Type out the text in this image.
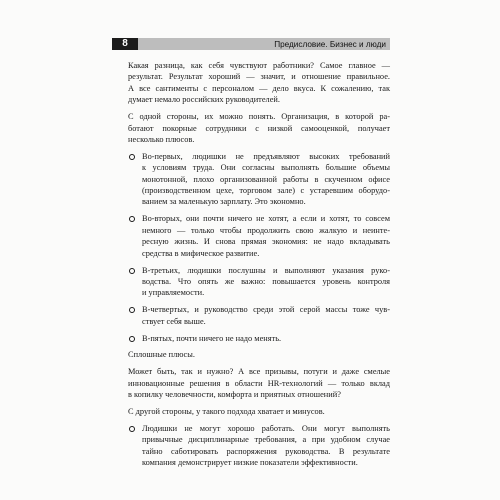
8	Предисловие. Бизнес и люди

Какая разница, как себя чувствуют работники? Самое главное —
результат. Результат хороший — значит, и отношение правильное.
А все сантименты с персоналом — дело вкуса. К сожалению, так
думает немало российских руководителей.

С одной стороны, их можно понять. Организация, в которой ра-
ботают покорные сотрудники с низкой самооценкой, получает
несколько плюсов.

Во-первых, людишки не предъявляют высоких требований
к условиям труда. Они согласны выполнять большие объемы
монотонной, плохо организованной работы в скученном офисе
(производственном цехе, торговом зале) с устаревшим оборудо-
ванием за маленькую зарплату. Это экономно.
Во-вторых, они почти ничего не хотят, а если и хотят, то совсем
немного — только чтобы продолжить свою жалкую и неинте-
ресную жизнь. И снова прямая экономия: не надо вкладывать
средства в мифическое развитие.
В-третьих, людишки послушны и выполняют указания руко-
водства. Что опять же важно: повышается уровень контроля
и управляемости.
В-четвертых, и руководство среди этой серой массы тоже чув-
ствует себя выше.
В-пятых, почти ничего не надо менять.

Сплошные плюсы.

Может быть, так и нужно? А все призывы, потуги и даже смелые
инновационные решения в области HR-технологий — только вклад
в копилку человечности, комфорта и приятных отношений?

С другой стороны, у такого подхода хватает и минусов.

Людишки не могут хорошо работать. Они могут выполнять
привычные дисциплинарные требования, а при удобном случае
тайно саботировать распоряжения руководства. В результате
компания демонстрирует низкие показатели эффективности.
